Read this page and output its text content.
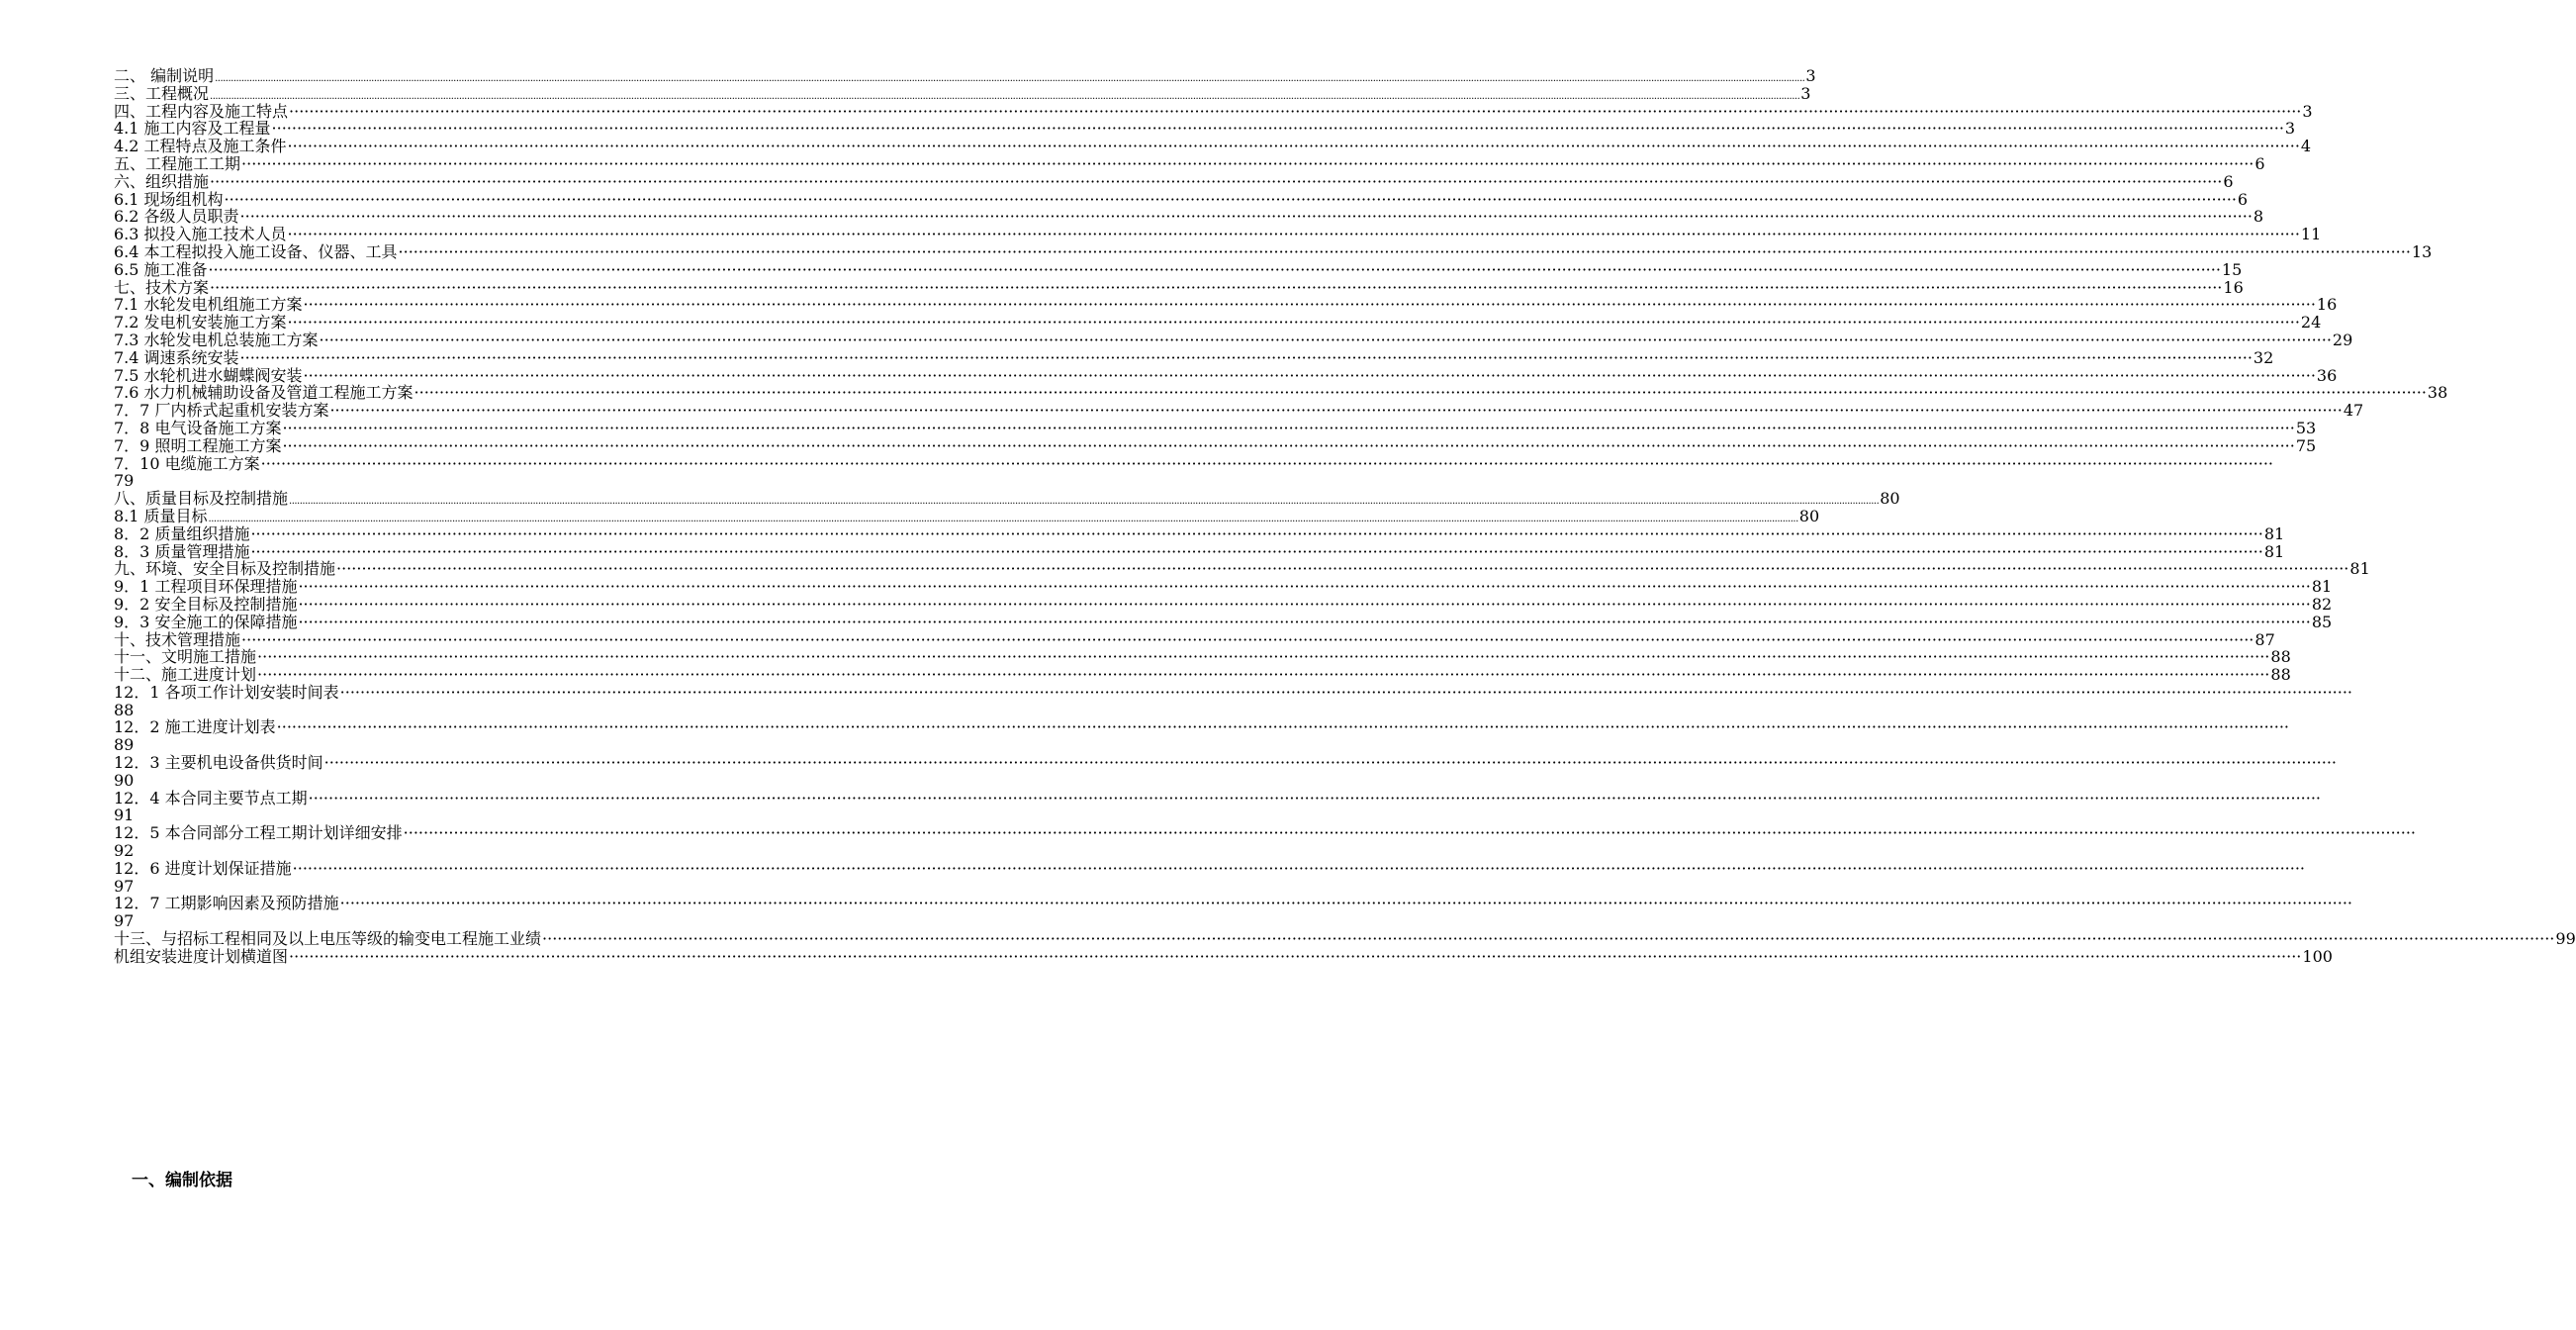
二、 编制说明 ........................................................................................................................................................................................................................................................................................................................................................................................................................................................................................................................................................................................................................ 3
三、工程概况 ........................................................................................................................................................................................................................................................................................................................................................................................................................................................................................................................................................................................................................ 3
四、工程内容及施工特点 ················································································································································································································································································································································································································ 3
4.1 施工内容及工程量 ················································································································································································································································································································································································································ 3
4.2 工程特点及施工条件 ················································································································································································································································································································································································································ 4
五、工程施工工期 ················································································································································································································································································································································································································ 6
六、组织措施 ················································································································································································································································································································································································································ 6
6.1 现场组机构 ················································································································································································································································································································································································································ 6
6.2 各级人员职责 ················································································································································································································································································································································································································ 8
6.3 拟投入施工技术人员 ················································································································································································································································································································································································································ 11
6.4 本工程拟投入施工设备、仪器、工具 ················································································································································································································································································································································································································ 13
6.5 施工准备 ················································································································································································································································································································································································································ 15
七、技术方案 ················································································································································································································································································································································································································ 16
7.1 水轮发电机组施工方案 ················································································································································································································································································································································································································ 16
7.2 发电机安装施工方案 ················································································································································································································································································································································································································ 24
7.3 水轮发电机总装施工方案 ················································································································································································································································································································································································································ 29
7.4 调速系统安装 ················································································································································································································································································································································································································ 32
7.5 水轮机进水蝴蝶阀安装 ················································································································································································································································································································································································································ 36
7.6 水力机械辅助设备及管道工程施工方案 ················································································································································································································································································································································································································ 38
7．7 厂内桥式起重机安装方案 ················································································································································································································································································································································································································ 47
7．8 电气设备施工方案 ················································································································································································································································································································································································································ 53
7．9 照明工程施工方案 ················································································································································································································································································································································································································ 75
7．10 电缆施工方案 ················································································································································································································································································································································································································
79
八、质量目标及控制措施 ........................................................................................................................................................................................................................................................................................................................................................................................................................................................................................................................................................................................................................ 80
8.1 质量目标 ........................................................................................................................................................................................................................................................................................................................................................................................................................................................................................................................................................................................................................ 80
8．2 质量组织措施 ················································································································································································································································································································································································································ 81
8．3 质量管理措施 ················································································································································································································································································································································································································ 81
九、环境、安全目标及控制措施 ················································································································································································································································································································································································································ 81
9．1 工程项目环保理措施 ················································································································································································································································································································································································································ 81
9．2 安全目标及控制措施 ················································································································································································································································································································································································································ 82
9．3 安全施工的保障措施 ················································································································································································································································································································································································································ 85
十、技术管理措施 ················································································································································································································································································································································································································ 87
十一、文明施工措施 ················································································································································································································································································································································································································ 88
十二、施工进度计划 ················································································································································································································································································································································································································ 88
12．1 各项工作计划安装时间表 ················································································································································································································································································································································································································
88
12．2 施工进度计划表 ················································································································································································································································································································································································································
89
12．3 主要机电设备供货时间 ················································································································································································································································································································································································································
90
12．4 本合同主要节点工期 ················································································································································································································································································································································································································
91
12．5 本合同部分工程工期计划详细安排 ················································································································································································································································································································································································································
92
12．6 进度计划保证措施 ················································································································································································································································································································································································································
97
12．7 工期影响因素及预防措施 ················································································································································································································································································································································································································
97
十三、与招标工程相同及以上电压等级的输变电工程施工业绩 ················································································································································································································································································································································································································ 99
机组安装进度计划横道图 ················································································································································································································································································································································································································ 100
一、编制依据
